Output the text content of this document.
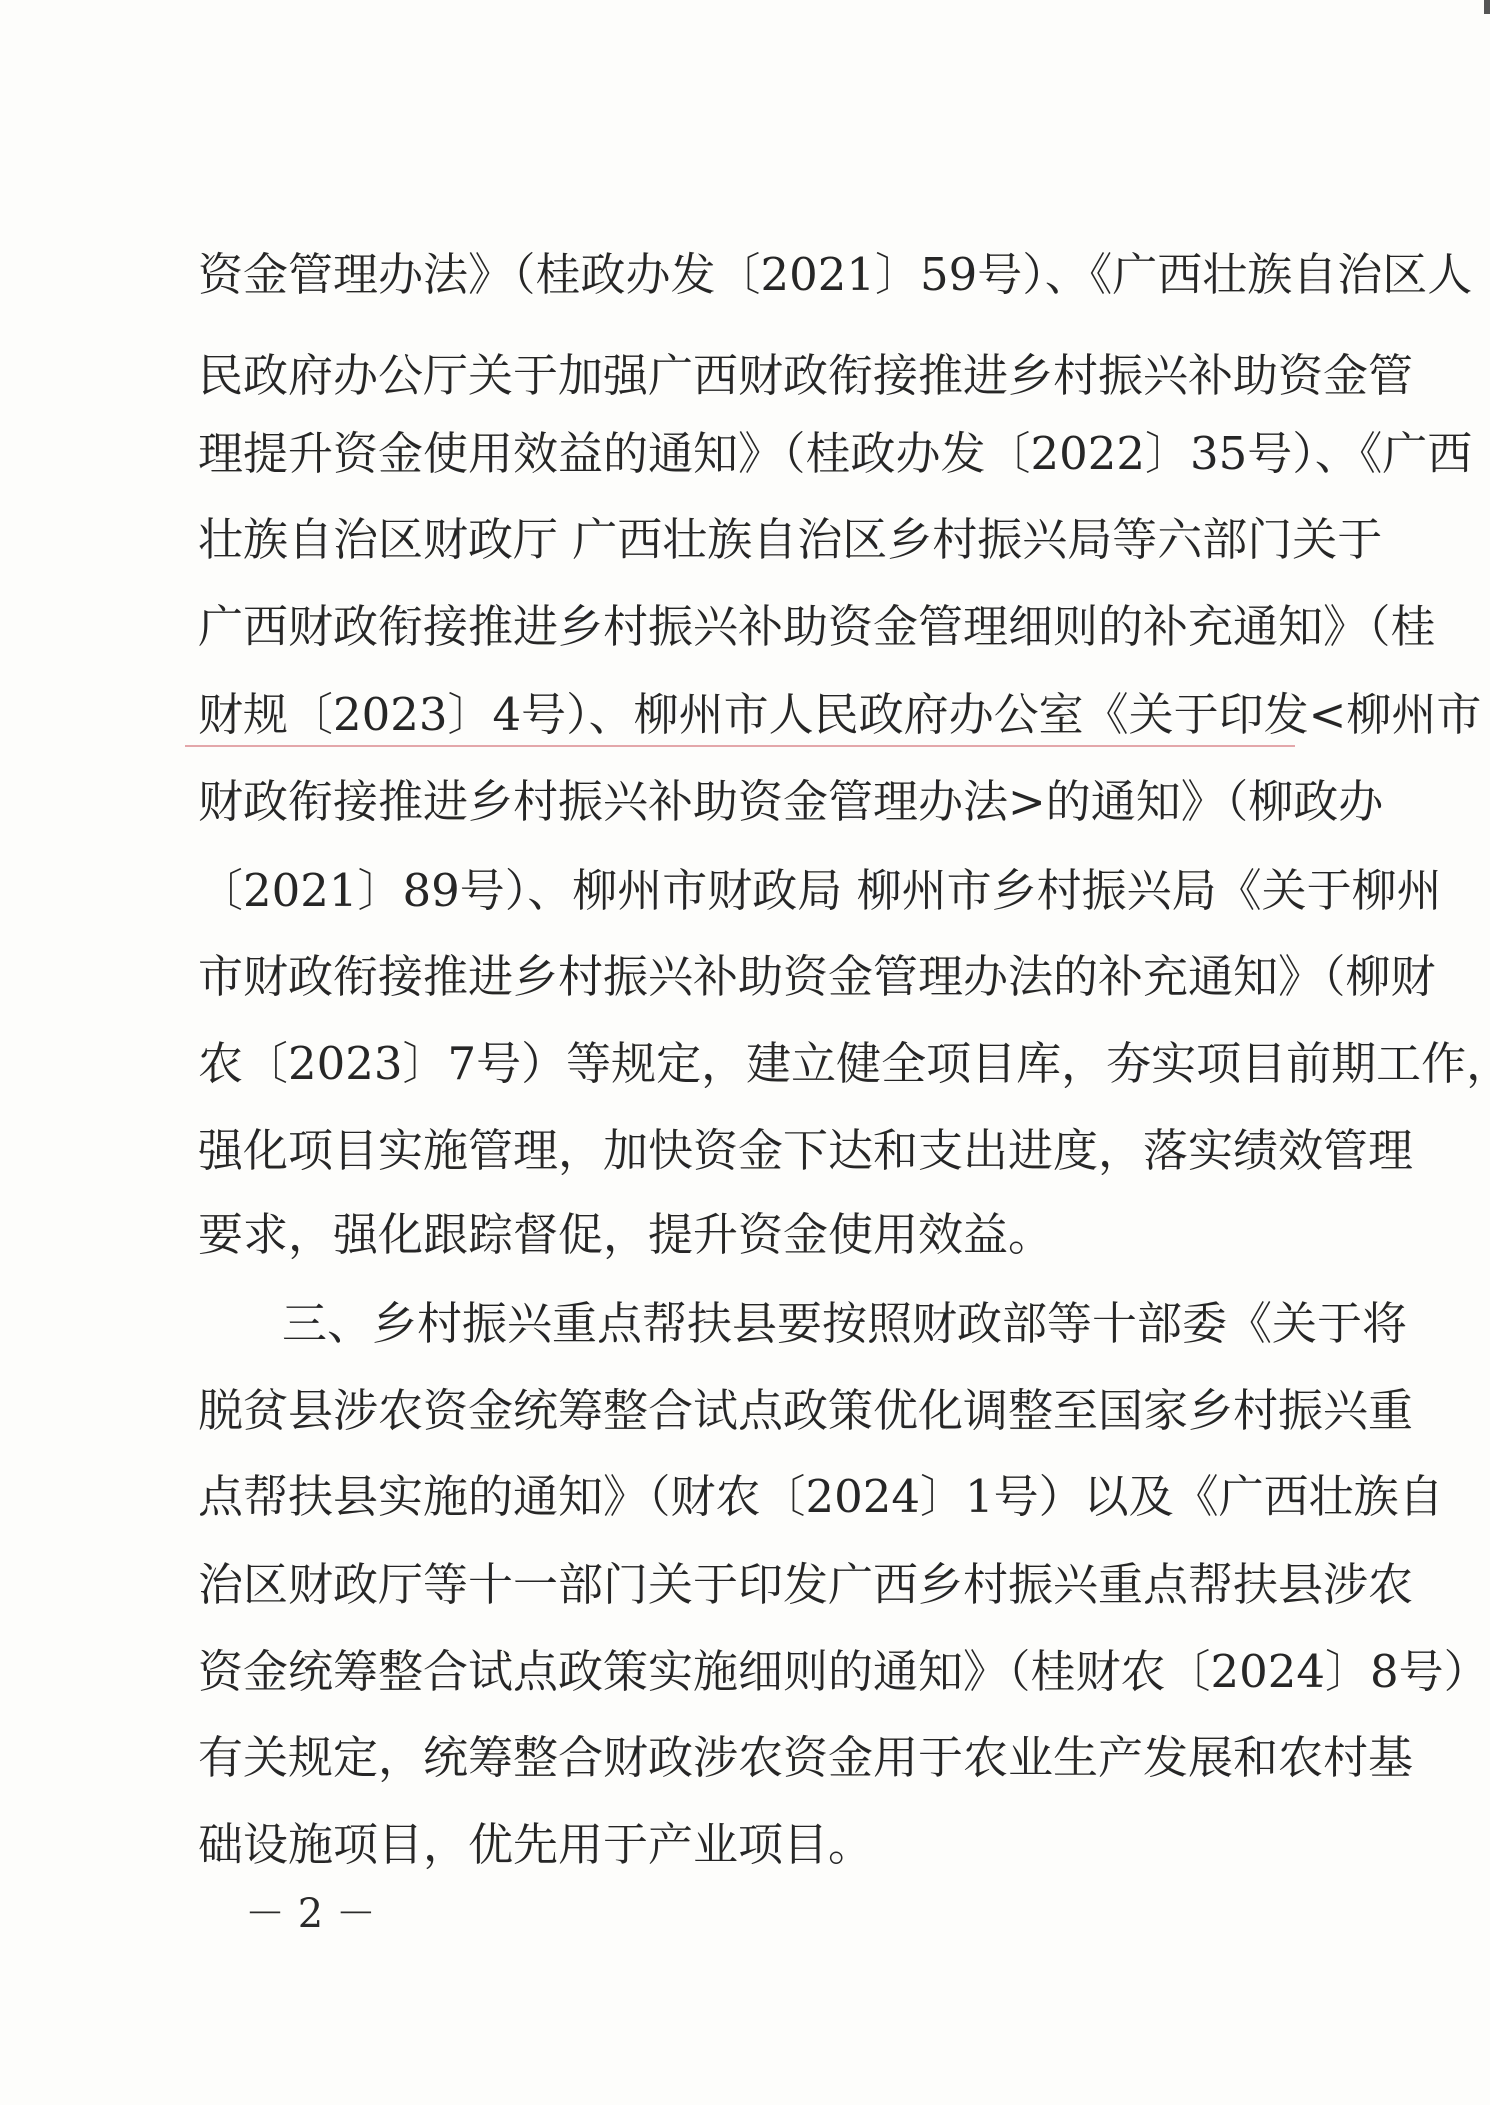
资金管理办法》（桂政办发〔2021〕59号）、《广西壮族自治区人
民政府办公厅关于加强广西财政衔接推进乡村振兴补助资金管
理提升资金使用效益的通知》（桂政办发〔2022〕35号）、《广西
壮族自治区财政厅 广西壮族自治区乡村振兴局等六部门关于
广西财政衔接推进乡村振兴补助资金管理细则的补充通知》（桂
财规〔2023〕4号）、柳州市人民政府办公室《关于印发<柳州市
财政衔接推进乡村振兴补助资金管理办法>的通知》（柳政办
〔2021〕89号）、柳州市财政局 柳州市乡村振兴局《关于柳州
市财政衔接推进乡村振兴补助资金管理办法的补充通知》（柳财
农〔2023〕7号）等规定，建立健全项目库，夯实项目前期工作，
强化项目实施管理，加快资金下达和支出进度，落实绩效管理
要求，强化跟踪督促，提升资金使用效益。
三、乡村振兴重点帮扶县要按照财政部等十部委《关于将
脱贫县涉农资金统筹整合试点政策优化调整至国家乡村振兴重
点帮扶县实施的通知》（财农〔2024〕1号）以及《广西壮族自
治区财政厅等十一部门关于印发广西乡村振兴重点帮扶县涉农
资金统筹整合试点政策实施细则的通知》（桂财农〔2024〕8号）
有关规定，统筹整合财政涉农资金用于农业生产发展和农村基
础设施项目，优先用于产业项目。
－ 2 －
